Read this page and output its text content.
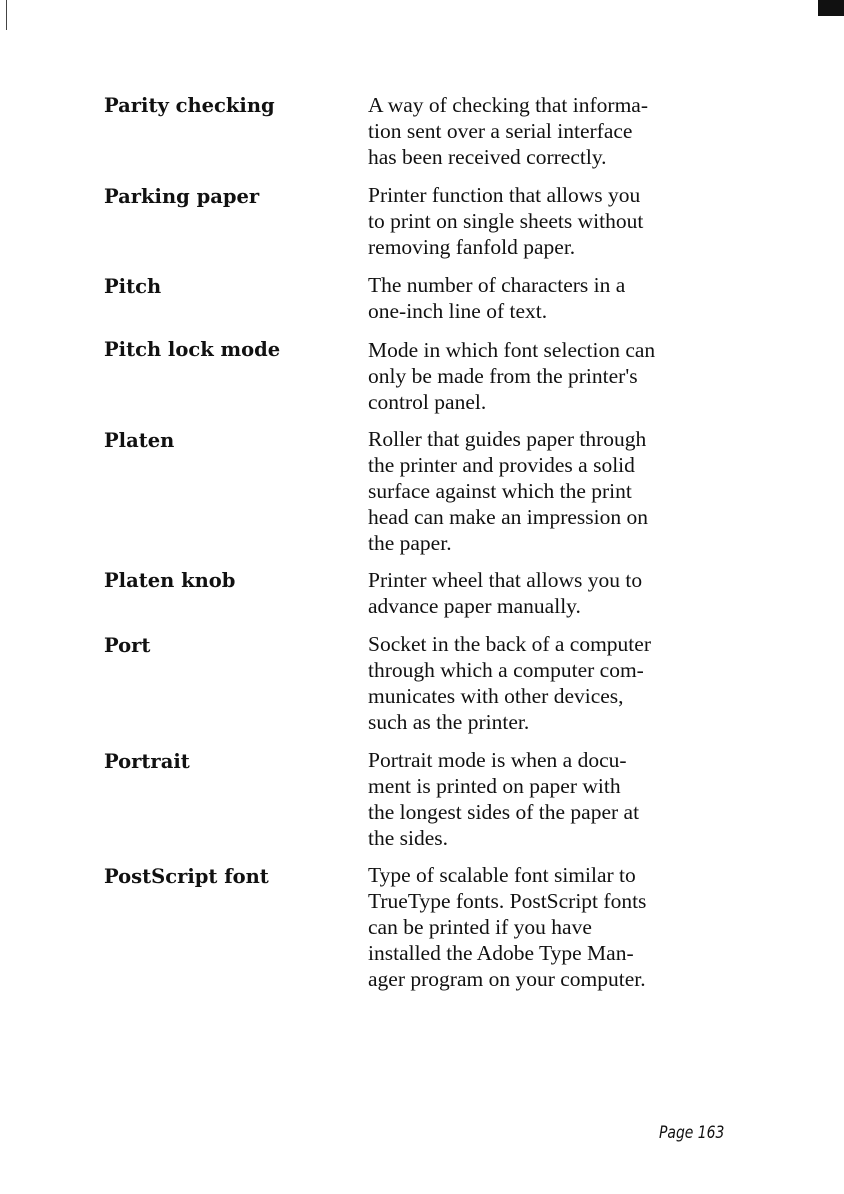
Parity checking	A way of checking that informa-
tion sent over a serial interface
has been received correctly.
Parking paper	Printer function that allows you
to print on single sheets without
removing fanfold paper.
Pitch	The number of characters in a
one-inch line of text.
Pitch lock mode	Mode in which font selection can
only be made from the printer's
control panel.
Platen	Roller that guides paper through
the printer and provides a solid
surface against which the print
head can make an impression on
the paper.
Platen knob	Printer wheel that allows you to
advance paper manually.
Port	Socket in the back of a computer
through which a computer com-
municates with other devices,
such as the printer.
Portrait	Portrait mode is when a docu-
ment is printed on paper with
the longest sides of the paper at
the sides.
PostScript font	Type of scalable font similar to
TrueType fonts. PostScript fonts
can be printed if you have
installed the Adobe Type Man-
ager program on your computer.
Page 163
